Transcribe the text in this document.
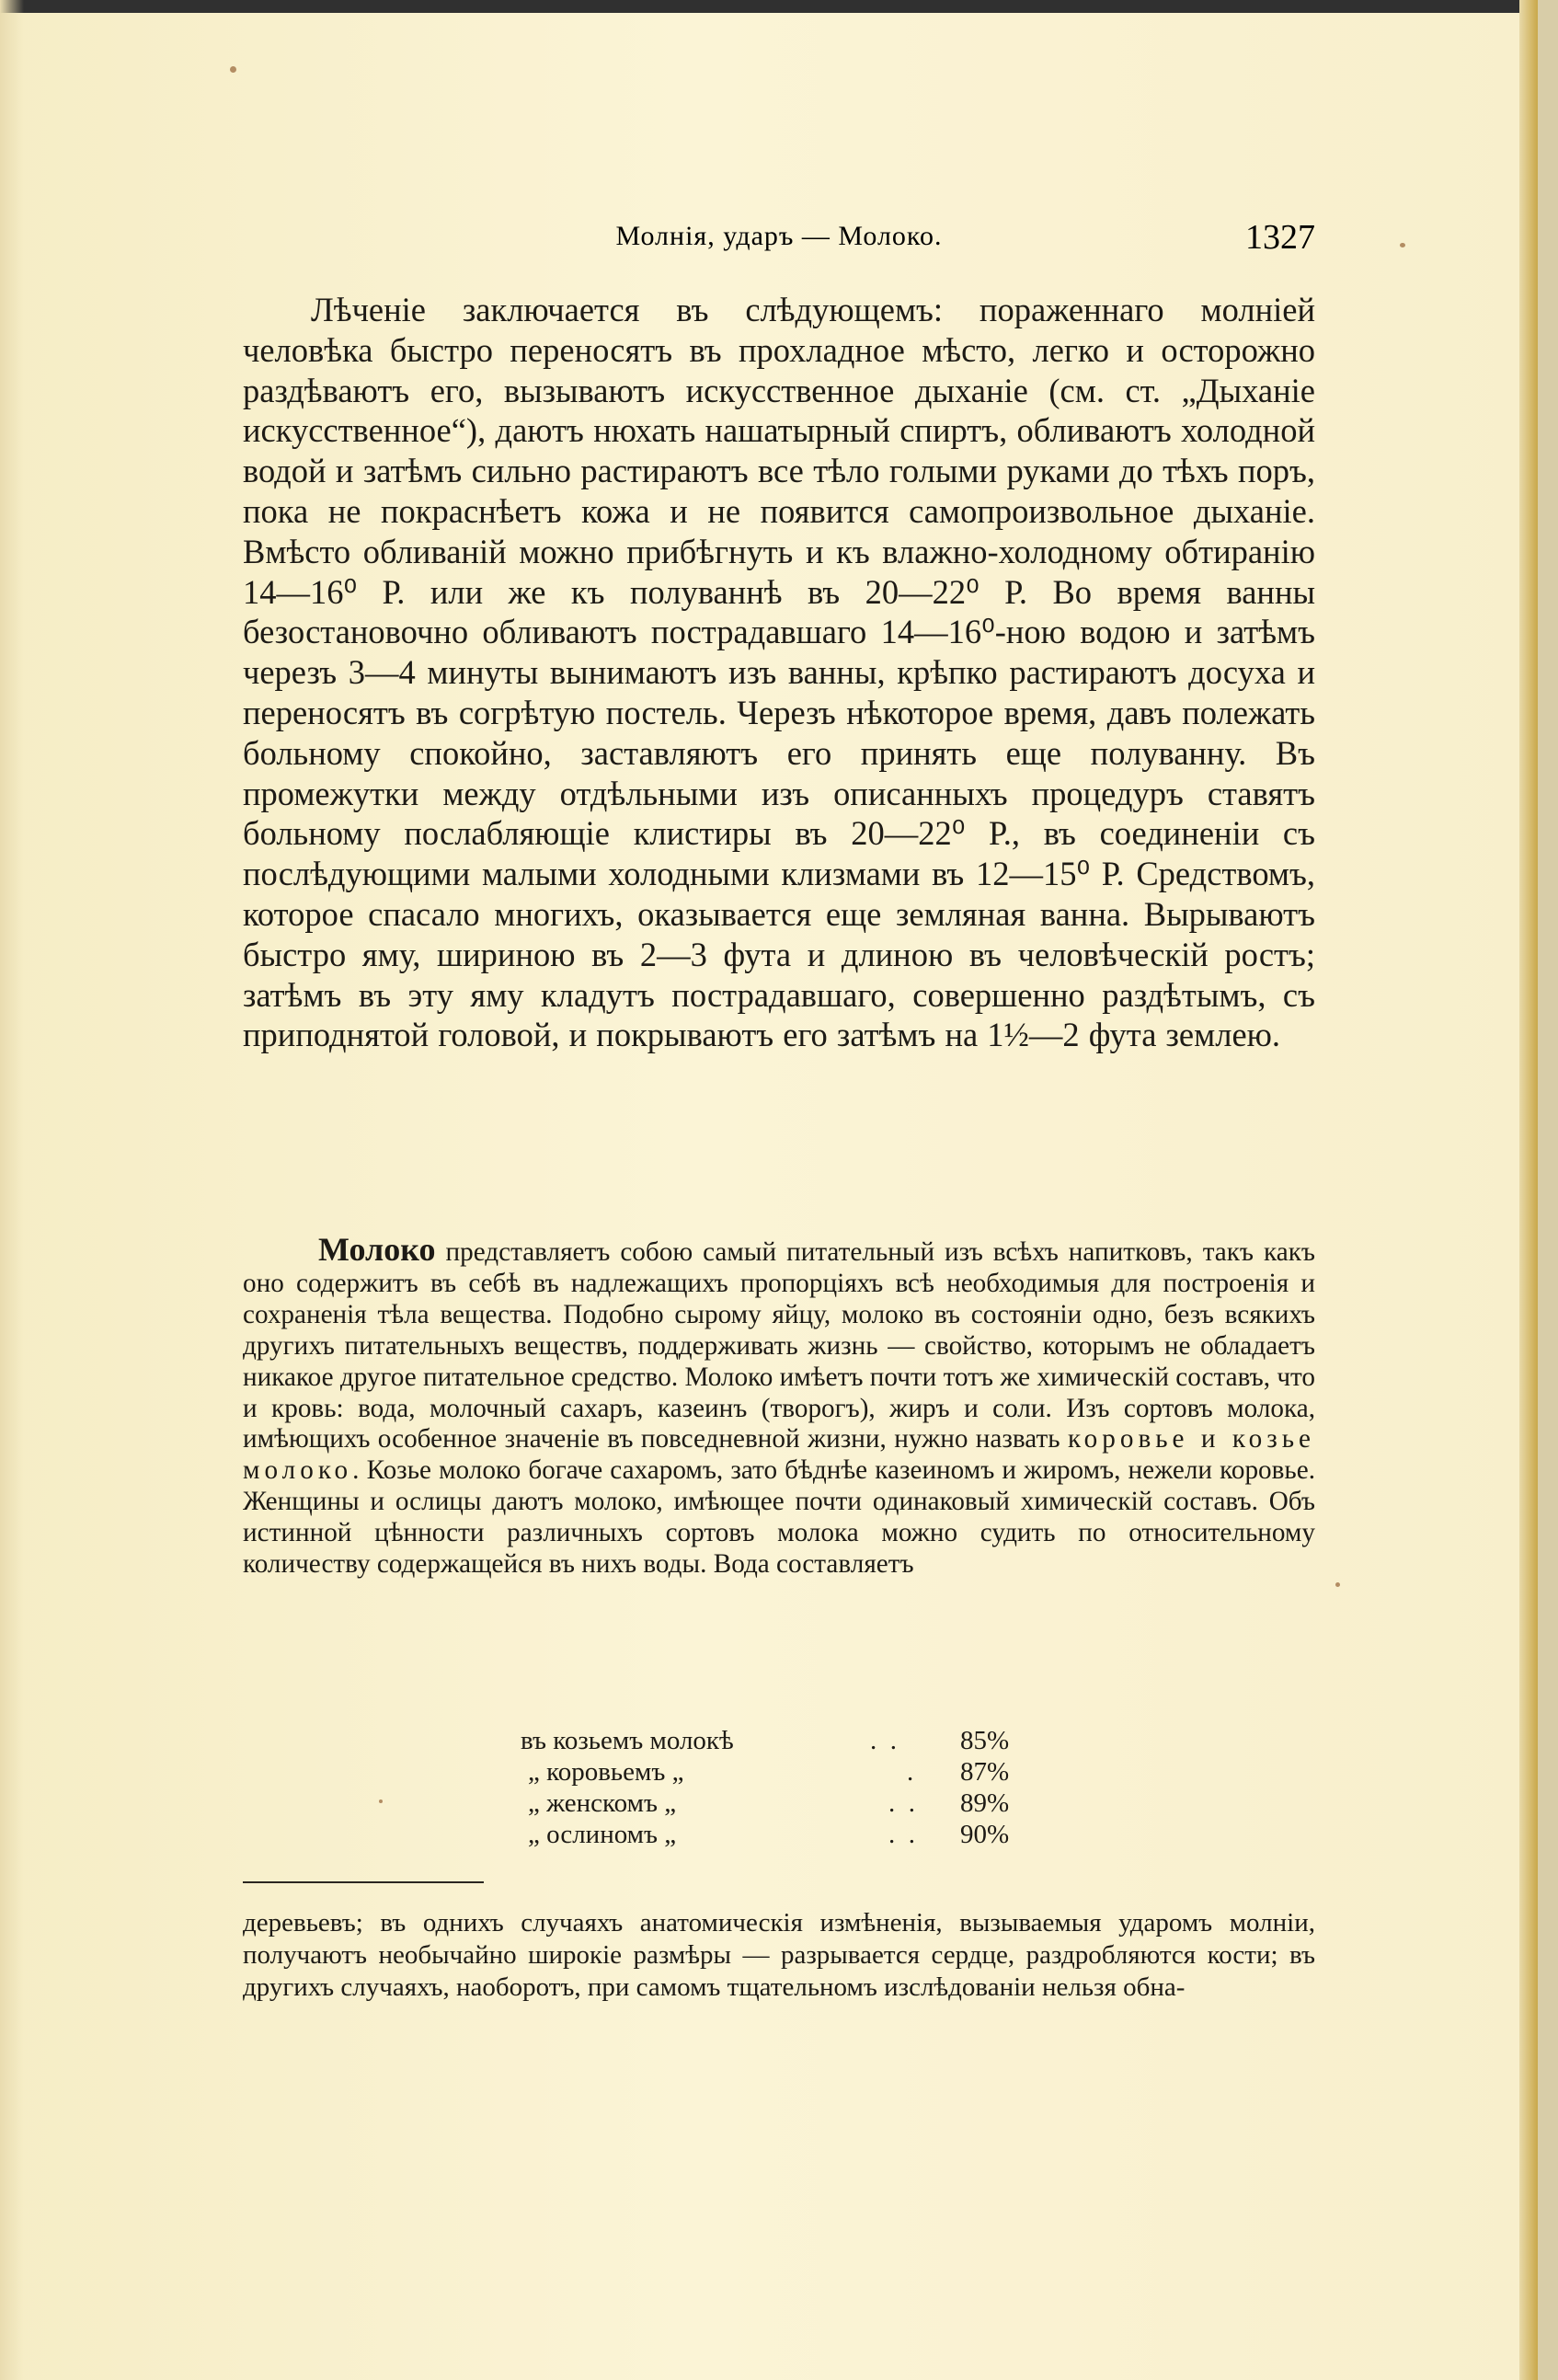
Молнія, ударъ — Молоко.	1327

Лѣченіе заключается въ слѣдующемъ: пораженнаго молніей человѣка быстро переносятъ въ прохладное мѣсто, легко и осторожно раздѣваютъ его, вызываютъ искусственное дыханіе (см. ст. „Дыханіе искусственное“), даютъ нюхать нашатырный спиртъ, обливаютъ холодной водой и затѣмъ сильно растираютъ все тѣло голыми руками до тѣхъ поръ, пока не покраснѣетъ кожа и не появится самопроизвольное дыханіе. Вмѣсто обливаній можно прибѣгнуть и къ влажно-холодному обтиранію 14—16⁰ Р. или же къ полуваннѣ въ 20—22⁰ Р. Во время ванны безостановочно обливаютъ пострадавшаго 14—16⁰-ною водою и затѣмъ черезъ 3—4 минуты вынимаютъ изъ ванны, крѣпко растираютъ досуха и переносятъ въ согрѣтую постель. Черезъ нѣкоторое время, давъ полежать больному спокойно, заставляютъ его принять еще полуванну. Въ промежутки между отдѣльными изъ описанныхъ процедуръ ставятъ больному послабляющіе клистиры въ 20—22⁰ Р., въ соединеніи съ послѣдующими малыми холодными клизмами въ 12—15⁰ Р. Средствомъ, которое спасало многихъ, оказывается еще земляная ванна. Вырываютъ быстро яму, шириною въ 2—3 фута и длиною въ человѣческій ростъ; затѣмъ въ эту яму кладутъ пострадавшаго, совершенно раздѣтымъ, съ приподнятой головой, и покрываютъ его затѣмъ на 1½—2 фута землею.

Молоко представляетъ собою самый питательный изъ всѣхъ напитковъ, такъ какъ оно содержитъ въ себѣ въ надлежащихъ пропорціяхъ всѣ необходимыя для построенія и сохраненія тѣла вещества. Подобно сырому яйцу, молоко въ состояніи одно, безъ всякихъ другихъ питательныхъ веществъ, поддерживать жизнь — свойство, которымъ не обладаетъ никакое другое питательное средство. Молоко имѣетъ почти тотъ же химическій составъ, что и кровь: вода, молочный сахаръ, казеинъ (творогъ), жиръ и соли. Изъ сортовъ молока, имѣющихъ особенное значеніе въ повседневной жизни, нужно назвать коровье и козье молоко. Козье молоко богаче сахаромъ, зато бѣднѣе казеиномъ и жиромъ, нежели коровье. Женщины и ослицы даютъ молоко, имѣющее почти одинаковый химическій составъ. Объ истинной цѣнности различныхъ сортовъ молока можно судить по относительному количеству содержащейся въ нихъ воды. Вода составляетъ

въ козьемъ молокѣ	.  . 85%
„ коровьемъ „	. 87%
„ женскомъ „	.  . 89%
„ ослиномъ „	.  . 90%

деревьевъ; въ однихъ случаяхъ анатомическія измѣненія, вызываемыя ударомъ молніи, получаютъ необычайно широкіе размѣры — разрывается сердце, раздробляются кости; въ другихъ случаяхъ, наоборотъ, при самомъ тщательномъ изслѣдованіи нельзя обна-
